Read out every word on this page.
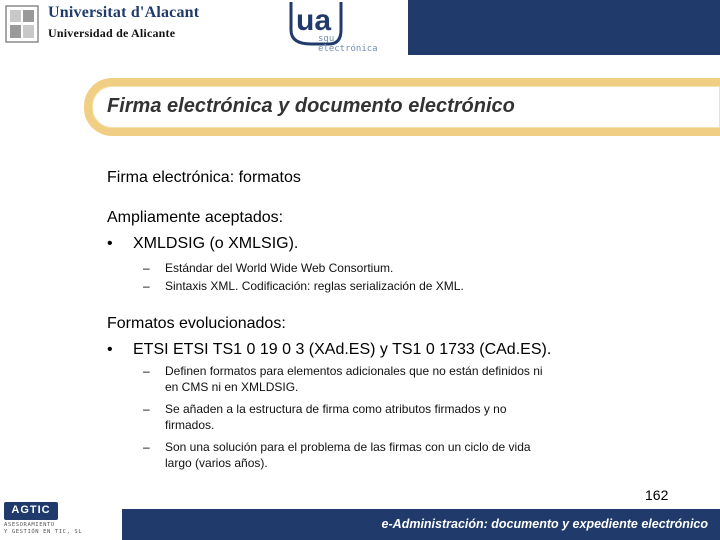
Universitat d'Alacant
Universidad de Alicante	ua
sgu
electrónica
Firma electrónica y documento electrónico
Firma electrónica: formatos
Ampliamente aceptados:
• XMLDSIG (o XMLSIG).
– Estándar del World Wide Web Consortium.
– Sintaxis XML. Codificación: reglas serialización de XML.
Formatos evolucionados:
• ETSI ETSI TS1 0 19 0 3 (XAd.ES) y TS1 0 1733 (CAd.ES).
– Definen formatos para elementos adicionales que no están definidos ni
en CMS ni en XMLDSIG.
– Se añaden a la estructura de firma como atributos firmados y no
firmados.
– Son una solución para el problema de las firmas con un ciclo de vida
largo (varios años).
162
AGTIC
ASESORAMIENTO
Y GESTIÓN EN TIC, SL
e-Administración: documento y expediente electrónico
